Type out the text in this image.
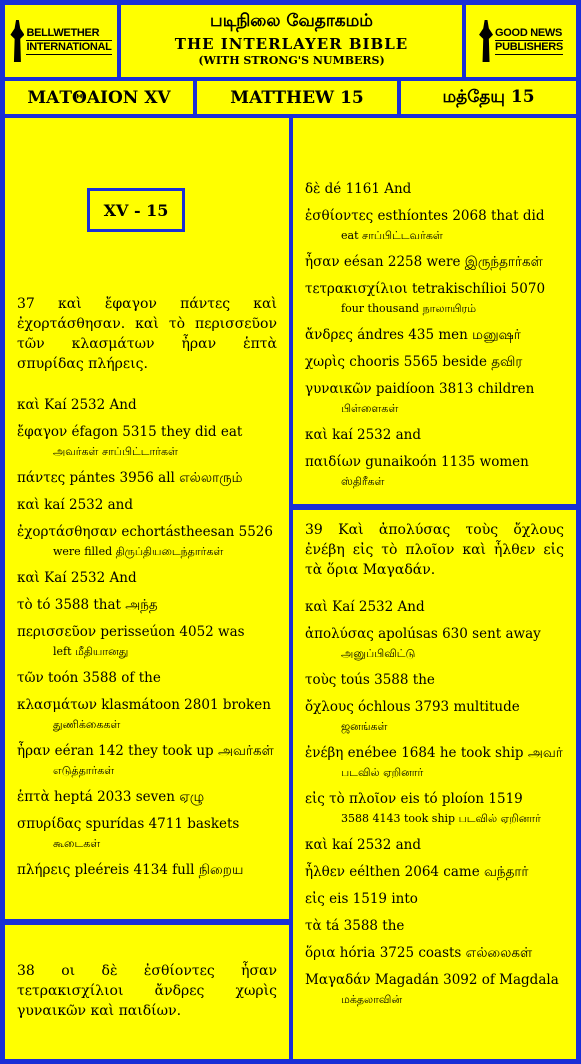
BELLWETHER
INTERNATIONAL
படிநிலை வேதாகமம்
THE INTERLAYER BIBLE
(WITH STRONG'S NUMBERS)
GOOD NEWS
PUBLISHERS
ΜΑΤΘΑΙΟΝ XV	MATTHEW 15	மத்தேயு 15
37 καὶ ἔφαγον πάντες καὶ ἐχορτάσθησαν. καὶ τὸ περισσεῦον τῶν κλασμάτων ἦραν ἑπτὰ σπυρίδας πλήρεις.
καὶ Kaí 2532 And
ἔφαγον éfagon 5315 they did eat
அவர்கள் சாப்பிட்டார்கள்
πάντες pántes 3956 all எல்லாரும்
καὶ kaí 2532 and
ἐχορτάσθησαν echortástheesan 5526
were filled திருப்தியடைந்தார்கள்
καὶ Kaí 2532 And
τὸ tó 3588 that அந்த
περισσεῦον perisseúon 4052 was
left மீதியானது
τῶν toón 3588 of the
κλασμάτων klasmátoon 2801 broken
துணிக்கைகள்
ἦραν eéran 142 they took up அவர்கள்
எடுத்தார்கள்
ἑπτὰ heptá 2033 seven ஏழு
σπυρίδας spurídas 4711 baskets
கூடைகள்
πλήρεις pleéreis 4134 full நிறைய
XV - 15
38 οι δὲ ἐσθίοντες ἦσαν τετρακισχίλιοι ἄνδρες χωρὶς γυναικῶν καὶ παιδίων.
δὲ dé 1161 And
ἐσθίοντες esthíontes 2068 that did
eat சாப்பிட்டவர்கள்
ἦσαν eésan 2258 were இருந்தார்கள்
τετρακισχίλιοι tetrakischílioi 5070
four thousand நாலாயிரம்
ἄνδρες ándres 435 men மனுஷர்
χωρὶς chooris 5565 beside தவிர
γυναικῶν paidíoon 3813 children
பிள்ளைகள்
καὶ kaí 2532 and
παιδίων gunaikoón 1135 women
ஸ்திரீகள்
39 Καὶ ἀπολύσας τοὺς ὄχλους ἐνέβη εἰς τὸ πλοῖον καὶ ἦλθεν εἰς τὰ ὅρια Μαγαδάν.
καὶ Kaí 2532 And
ἀπολύσας apolúsas 630 sent away
அனுப்பிவிட்டு
τοὺς toús 3588 the
ὄχλους óchlous 3793 multitude
ஜனங்கள்
ἐνέβη enébee 1684 he took ship அவர்
படவில் ஏறினார்
εἰς τὸ πλοῖον eis tó ploíon 1519
3588 4143 took ship படவில் ஏறினார்
καὶ kaí 2532 and
ἦλθεν eélthen 2064 came வந்தார்
εἰς eis 1519 into
τὰ tá 3588 the
ὅρια hória 3725 coasts எல்லைகள்
Μαγαδάν Magadán 3092 of Magdala
மக்தலாவின்
